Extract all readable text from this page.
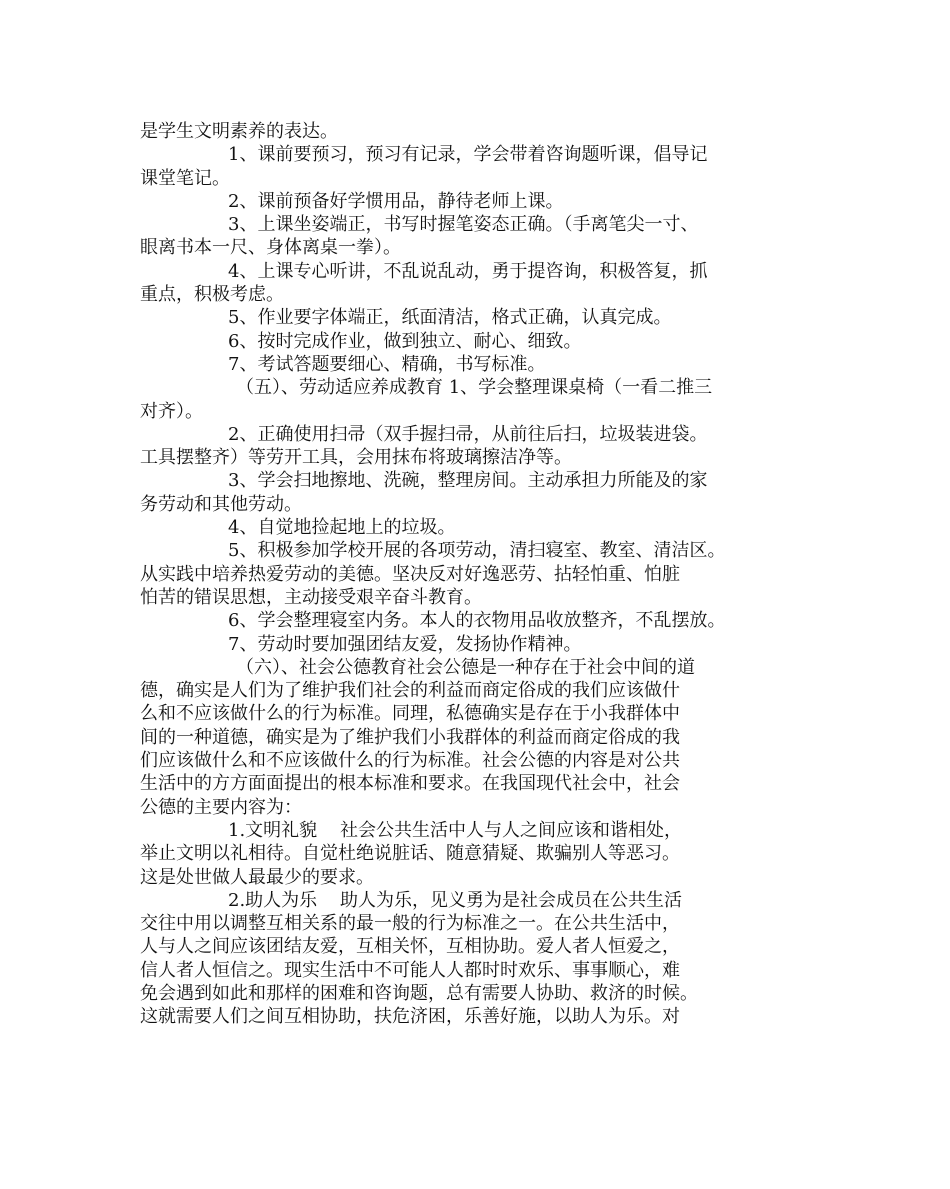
是学生文明素养的表达。
1、课前要预习，预习有记录，学会带着咨询题听课，倡导记
课堂笔记。
2、课前预备好学惯用品，静待老师上课。
3、上课坐姿端正，书写时握笔姿态正确。（手离笔尖一寸、
眼离书本一尺、身体离桌一拳）。
4、上课专心听讲，不乱说乱动，勇于提咨询，积极答复，抓
重点，积极考虑。
5、作业要字体端正，纸面清洁，格式正确，认真完成。
6、按时完成作业，做到独立、耐心、细致。
7、考试答题要细心、精确，书写标准。
（五）、劳动适应养成教育 1、学会整理课桌椅（一看二推三
对齐）。
2、正确使用扫帚（双手握扫帚，从前往后扫，垃圾装进袋。
工具摆整齐）等劳开工具，会用抹布将玻璃擦洁净等。
3、学会扫地擦地、洗碗，整理房间。主动承担力所能及的家
务劳动和其他劳动。
4、自觉地捡起地上的垃圾。
5、积极参加学校开展的各项劳动，清扫寝室、教室、清洁区。
从实践中培养热爱劳动的美德。坚决反对好逸恶劳、拈轻怕重、怕脏
怕苦的错误思想，主动接受艰辛奋斗教育。
6、学会整理寝室内务。本人的衣物用品收放整齐，不乱摆放。
7、劳动时要加强团结友爱，发扬协作精神。
（六）、社会公德教育社会公德是一种存在于社会中间的道
德，确实是人们为了维护我们社会的利益而商定俗成的我们应该做什
么和不应该做什么的行为标准。同理，私德确实是存在于小我群体中
间的一种道德，确实是为了维护我们小我群体的利益而商定俗成的我
们应该做什么和不应该做什么的行为标准。社会公德的内容是对公共
生活中的方方面面提出的根本标准和要求。在我国现代社会中，社会
公德的主要内容为：
1.文明礼貌    社会公共生活中人与人之间应该和谐相处，
举止文明以礼相待。自觉杜绝说脏话、随意猜疑、欺骗别人等恶习。
这是处世做人最最少的要求。
2.助人为乐    助人为乐，见义勇为是社会成员在公共生活
交往中用以调整互相关系的最一般的行为标准之一。在公共生活中，
人与人之间应该团结友爱，互相关怀，互相协助。爱人者人恒爱之，
信人者人恒信之。现实生活中不可能人人都时时欢乐、事事顺心，难
免会遇到如此和那样的困难和咨询题，总有需要人协助、救济的时候。
这就需要人们之间互相协助，扶危济困，乐善好施，以助人为乐。对
